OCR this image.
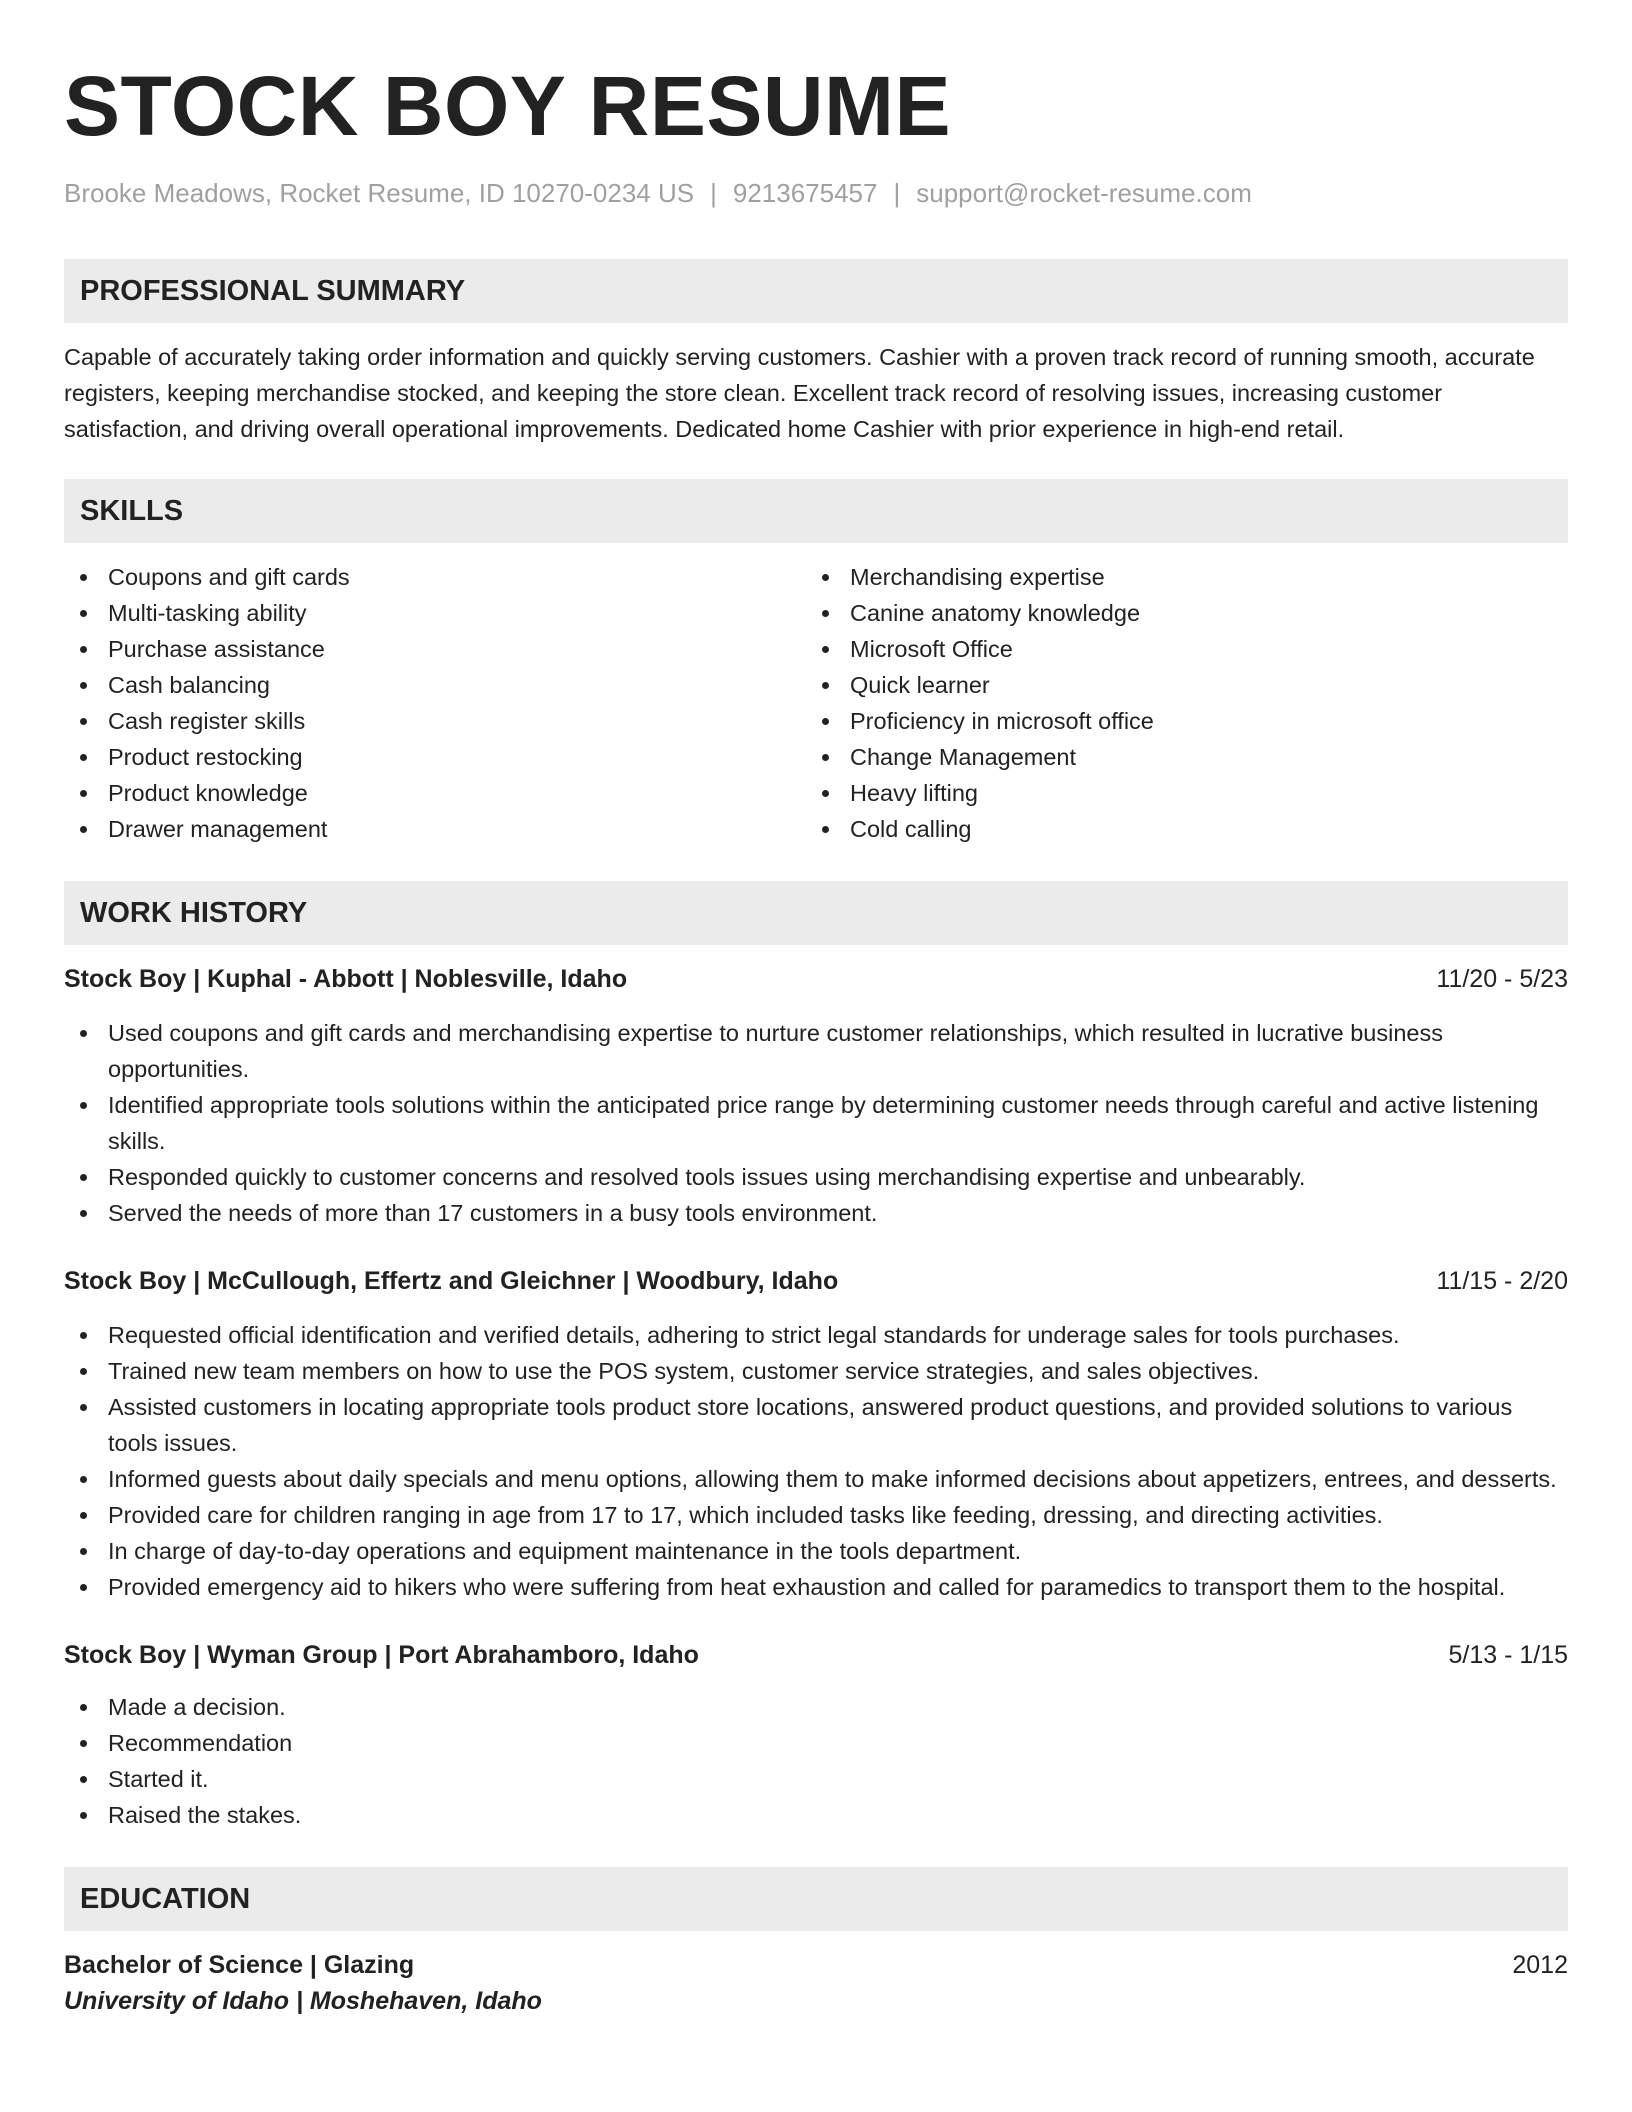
STOCK BOY RESUME
Brooke Meadows, Rocket Resume, ID 10270-0234 US | 9213675457 | support@rocket-resume.com
PROFESSIONAL SUMMARY

Capable of accurately taking order information and quickly serving customers. Cashier with a proven track record of running smooth, accurate registers, keeping merchandise stocked, and keeping the store clean. Excellent track record of resolving issues, increasing customer satisfaction, and driving overall operational improvements. Dedicated home Cashier with prior experience in high-end retail.

SKILLS
Coupons and gift cards
Multi-tasking ability
Purchase assistance
Cash balancing
Cash register skills
Product restocking
Product knowledge
Drawer management
Merchandising expertise
Canine anatomy knowledge
Microsoft Office
Quick learner
Proficiency in microsoft office
Change Management
Heavy lifting
Cold calling
WORK HISTORY
Stock Boy | Kuphal - Abbott | Noblesville, Idaho	11/20 - 5/23
Used coupons and gift cards and merchandising expertise to nurture customer relationships, which resulted in lucrative business opportunities.
Identified appropriate tools solutions within the anticipated price range by determining customer needs through careful and active listening skills.
Responded quickly to customer concerns and resolved tools issues using merchandising expertise and unbearably.
Served the needs of more than 17 customers in a busy tools environment.
Stock Boy | McCullough, Effertz and Gleichner | Woodbury, Idaho	11/15 - 2/20
Requested official identification and verified details, adhering to strict legal standards for underage sales for tools purchases.
Trained new team members on how to use the POS system, customer service strategies, and sales objectives.
Assisted customers in locating appropriate tools product store locations, answered product questions, and provided solutions to various tools issues.
Informed guests about daily specials and menu options, allowing them to make informed decisions about appetizers, entrees, and desserts.
Provided care for children ranging in age from 17 to 17, which included tasks like feeding, dressing, and directing activities.
In charge of day-to-day operations and equipment maintenance in the tools department.
Provided emergency aid to hikers who were suffering from heat exhaustion and called for paramedics to transport them to the hospital.
Stock Boy | Wyman Group | Port Abrahamboro, Idaho	5/13 - 1/15
Made a decision.
Recommendation
Started it.
Raised the stakes.
EDUCATION
Bachelor of Science | Glazing	2012
University of Idaho | Moshehaven, Idaho
